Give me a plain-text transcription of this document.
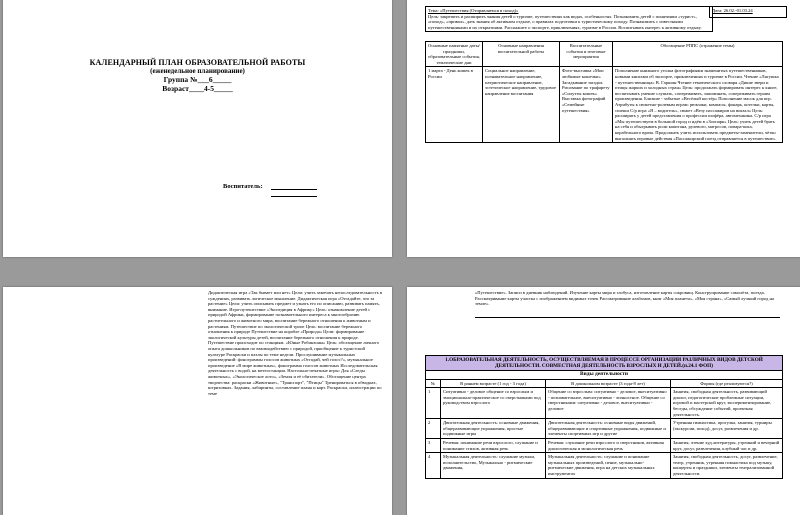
КАЛЕНДАРНЫЙ ПЛАН ОБРАЗОВАТЕЛЬНОЙ РАБОТЫ
(еженедельное планирование)
Группа №___6_____
Возраст____4-5_____
Воспитатель:
Тема: «Путешествия (Отправляемся в поход)»
Цель: закрепить и расширить знания детей о туризме, путешествиях как видах, особенностях. Познакомить детей с понятиями «турист», «поход», «привал», дать знания об активном отдыхе, о правилах подготовки к туристическому походу. Познакомить с известными путешественниками и их открытиями. Расскажите о экспорте, приключениях, туризме в России. Воспитывать интерес к активному отдыху.
Дата: 26.02.-01.03.24
Основные памятные даты/праздники, образовательные события, тематические дни	Основные направления воспитательной работы	Воспитательные события и итоговые мероприятия	Обогащение РППС (отражение темы)
1 марта - День кошек в России	Социальное направление, познавательное направление, патриотическое направление, эстетическое направление, трудовое направление воспитания	Фото-выставка «Мои любимые кошечки» Загадывание загадок Рисование по трафарету «Силуэты кошек» Выставка фотографий «Семейные путешествия»	Пополнение книжного уголка фотографиями знаменитых путешественников, новыми книгами об экспорте, приключениях и туризме в России. Чтение «Лягушка - путешественница» В. Гаршин Чтение тематического словаря «Дикие звери и птицы жарких и холодных стран» Цель: продолжать формировать интерес к книге, воспитывать умение слушать, сопереживать, запоминать, сопереживать героям произведения. Близкие - забытые «Весёлый костёр» Пополнение масок для игр. Атрибуты к сюжетно-ролевым играм: рюкзаки, компасы, фонарь, котелки, карты, спички С/р игра «Я – водитель», сюжет «Везу пассажиров на вокзал» Цель: расширять у детей представления о профессии шофёра, автомеханика. С/р игра «Мы путешествуем в большой город и идём в «Зоопарк» Цель: учить детей брать на себя и обыгрывать роли капитана, рулевого, матросов, повара-кока, корабельного врача. Продолжать учить использовать предметы-заменители, чётко выполнять игровые действия «Пассажирский поезд отправляется в путешествие».
Дидактическая игра «Так бывает или нет» Цели: учить замечать непоследовательность в суждениях, развивать логическое мышление. Дидактическая игра «Отгадайте, что за растение» Цели: учить описывать предмет и узнать его по описанию, развивать память, внимание. Игра-путешествие «Экспедиция в Африку» Цель: ознакомление детей с природой Африки, формирование познавательного интереса к многообразию растительного и животного мира, воспитание бережного отношения к животным и растениям. Путешествие по экологической тропе Цель: воспитание бережного отношения к природе Путешествие на корабле «Природа» Цели: формирование экологической культуры детей, воспитание бережного отношения к природе. Путешествие происходит по станциям. «Юные Робинзоны» Цель: обогащение личного опыта дошкольников по взаимодействию с природой, приобщение к туристской культуре Раскраски и пазлы по теме недели. Прослушивание музыкальных произведений: фонограммы голосов животных «Отгадай, чей голос?», музыкальное произведение «В мире животных», фонограмма голосов животных Исследовательская деятельность с водой, на метеостанции. Настольно-печатные игры: Для «Следы животных», «Экологическое лото», «Земля и её обитатели». Обогащение центра творчества: раскраски «Животные», "Транспорт", "Птицы" Тренироваться в обводках, штриховках. Задания, лабиринты, составление плана и карт. Раскраски, иллюстрации по теме
«Путешествие». Записи в дневник наблюдений. Изучение карты мира и глобуса, изготовление карты сокровищ. Конструирование самолёта, поезда. Рассматривание карты участка с изображением видимых точек Рассматривание альбомов, книг «Моя планета», «Моя страна», «Самый лучший город на земле».
1.ОБРАЗОВАТЕЛЬНАЯ ДЕЯТЕЛЬНОСТЬ, ОСУЩЕСТВЛЯЕМАЯ В ПРОЦЕССЕ ОРГАНИЗАЦИИ РАЗЛИЧНЫХ ВИДОВ ДЕТСКОЙ ДЕЯТЕЛЬНОСТИ. СОВМЕСТНАЯ ДЕЯТЕЛЬНОСТЬ ВЗРОСЛЫХ И ДЕТЕЙ.(п.24.1 ФОП)			
Виды деятельности			
№	В раннем возрасте (1 год - 3 года)	В дошкольном возрасте (3 года-8 лет)	Формы (где реализуются?)
1	Ситуативно - деловое общение со взрослым и эмоционально-практическое со сверстниками под руководством взрослого	Общение со взрослым: ситуативно - деловое, внеситуативно - познавательное, внеситуативно - личностное. Общение со сверстниками: ситуативно - деловое, внеситуативно - деловое	Занятия, свободная деятельность, развивающий диалог, педагогические проблемные ситуации, игровой и мастерской круг, экспериментирование, беседы, обсуждение событий, проектная деятельность.
2	Двигательная деятельность: основные движения, общеразвивающие упражнения, простые подвижные игры	Двигательная деятельность: основные виды движений, общеразвивающие и спортивные упражнения, подвижные и элементы спортивных игр и другие	Утренняя гимнастика, прогулка, занятия, турниры (экскурсии, поход), досуг, развлечения и др.
3	Речевая: понимание речи взрослого, слушание и понимание стихов, активная речь	Речевая: слушание речи взрослого и сверстников, активная диалогическая и монологическая речь	Занятия, чтение худ.литературы, утренний и вечерний круг, досуг, развлечения, клубный час и др.
4	Музыкальная деятельность: слушание музыки, исполнительство, Музыкально - ритмические движения,	Музыкальная деятельность: слушание и понимание музыкальных произведений, пение, музыкально-ритмические движения, игра на детских музыкальных инструментах	Занятия, свободная деятельность, досуг, развлечение, театр, утренник, утренняя гимнастика под музыку, концерты и праздники, элементы театрализованной деятельности.
